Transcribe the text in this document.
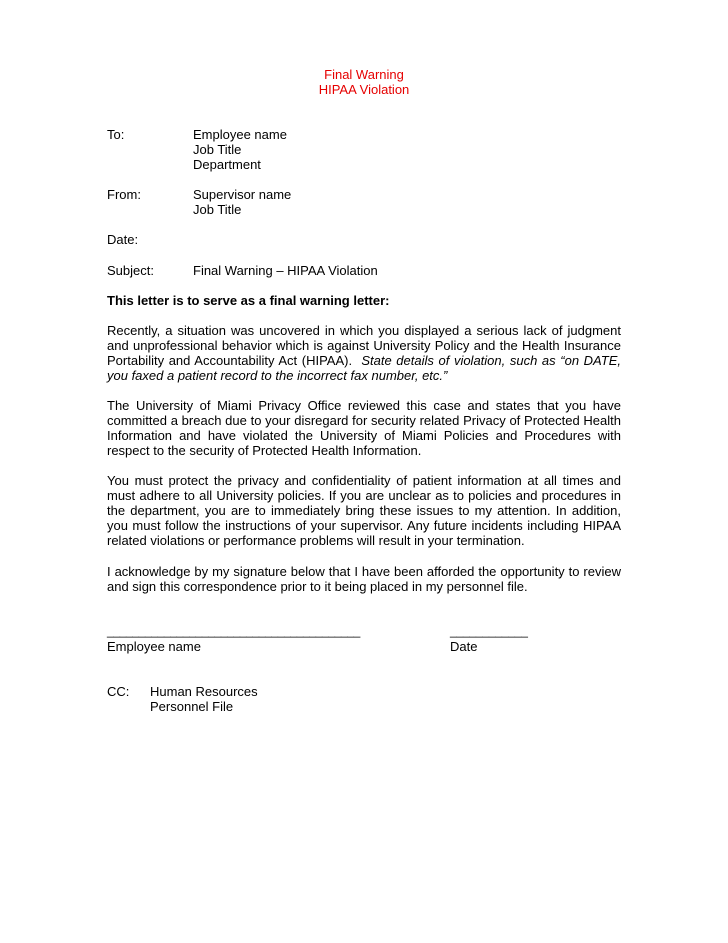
Final Warning
HIPAA Violation
To:	Employee name
Job Title
Department
From:	Supervisor name
Job Title
Date:
Subject:	Final Warning – HIPAA Violation
This letter is to serve as a final warning letter:
Recently, a situation was uncovered in which you displayed a serious lack of judgment and unprofessional behavior which is against University Policy and the Health Insurance Portability and Accountability Act (HIPAA). State details of violation, such as “on DATE, you faxed a patient record to the incorrect fax number, etc.”
The University of Miami Privacy Office reviewed this case and states that you have committed a breach due to your disregard for security related Privacy of Protected Health Information and have violated the University of Miami Policies and Procedures with respect to the security of Protected Health Information.
You must protect the privacy and confidentiality of patient information at all times and must adhere to all University policies. If you are unclear as to policies and procedures in the department, you are to immediately bring these issues to my attention. In addition, you must follow the instructions of your supervisor. Any future incidents including HIPAA related violations or performance problems will result in your termination.
I acknowledge by my signature below that I have been afforded the opportunity to review and sign this correspondence prior to it being placed in my personnel file.
________________________________________
Employee name
____________
Date
CC: Human Resources
Personnel File
